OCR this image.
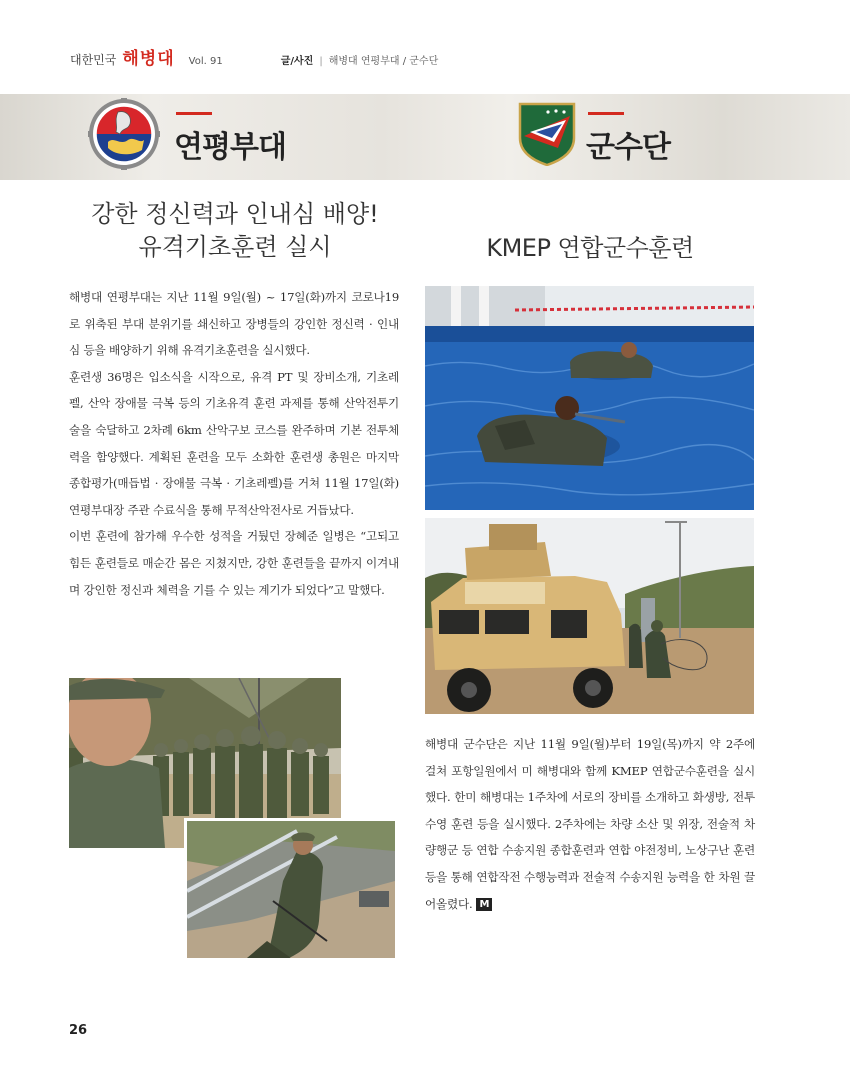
대한민국 해병대 Vol. 91	글/사진 | 해병대 연평부대 / 군수단
연평부대	군수단
강한 정신력과 인내심 배양!
유격기초훈련 실시	KMEP 연합군수훈련

해병대 연평부대는 지난 11월 9일(월) ~ 17일(화)까지 코로나19로 위축된 부대 분위기를 쇄신하고 장병들의 강인한 정신력 · 인내심 등을 배양하기 위해 유격기초훈련을 실시했다.

훈련생 36명은 입소식을 시작으로, 유격 PT 및 장비소개, 기초레펠, 산악 장애물 극복 등의 기초유격 훈련 과제를 통해 산악전투기술을 숙달하고 2차례 6km 산악구보 코스를 완주하며 기본 전투체력을 함양했다. 계획된 훈련을 모두 소화한 훈련생 총원은 마지막 종합평가(매듭법 · 장애물 극복 · 기초레펠)를 거쳐 11월 17일(화) 연평부대장 주관 수료식을 통해 무적산악전사로 거듭났다.

이번 훈련에 참가해 우수한 성적을 거뒀던 장혜준 일병은 “고되고 힘든 훈련들로 매순간 몸은 지쳤지만, 강한 훈련들을 끝까지 이겨내며 강인한 정신과 체력을 기를 수 있는 계기가 되었다”고 말했다.

해병대 군수단은 지난 11월 9일(월)부터 19일(목)까지 약 2주에 걸쳐 포항일원에서 미 해병대와 함께 KMEP 연합군수훈련을 실시했다. 한미 해병대는 1주차에 서로의 장비를 소개하고 화생방, 전투수영 훈련 등을 실시했다. 2주차에는 차량 소산 및 위장, 전술적 차량행군 등 연합 수송지원 종합훈련과 연합 야전정비, 노상구난 훈련 등을 통해 연합작전 수행능력과 전술적 수송지원 능력을 한 차원 끌어올렸다. M
26
